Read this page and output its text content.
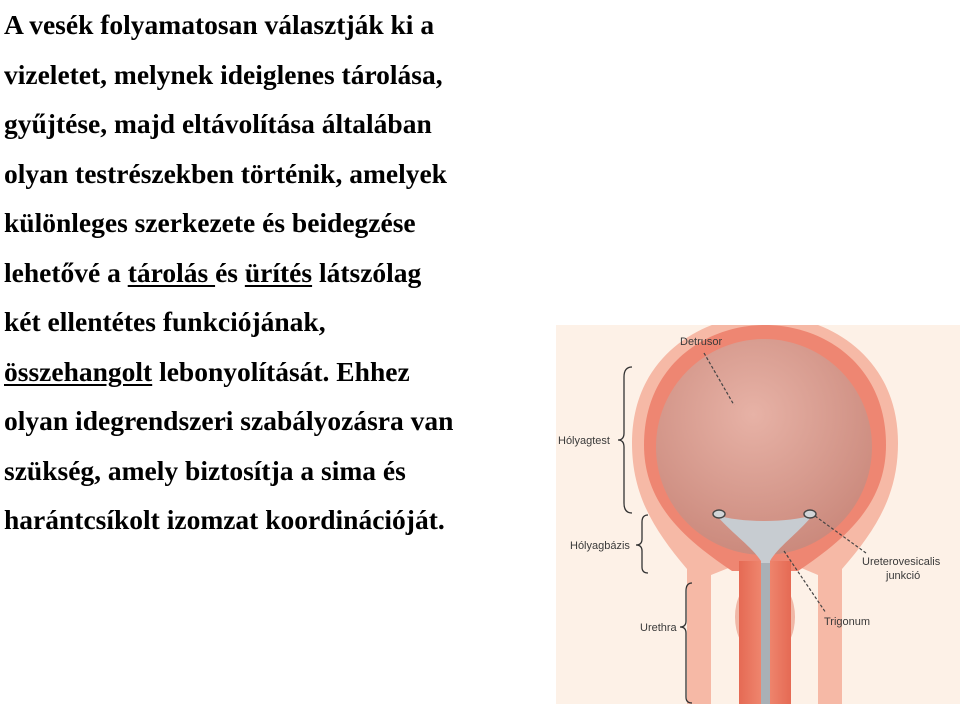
A vesék folyamatosan választják ki a
vizeletet, melynek ideiglenes tárolása,
gyűjtése, majd eltávolítása általában
olyan testrészekben történik, amelyek
különleges szerkezete és beidegzése
lehetővé a tárolás és ürítés látszólag
két ellentétes funkciójának,
összehangolt lebonyolítását. Ehhez
olyan idegrendszeri szabályozásra van
szükség, amely biztosítja a sima és
harántcsíkolt izomzat koordinációját.
Detrusor
Hólyagtest
Hólyagbázis
Ureterovesicalis
junkció
Urethra	Trigonum
